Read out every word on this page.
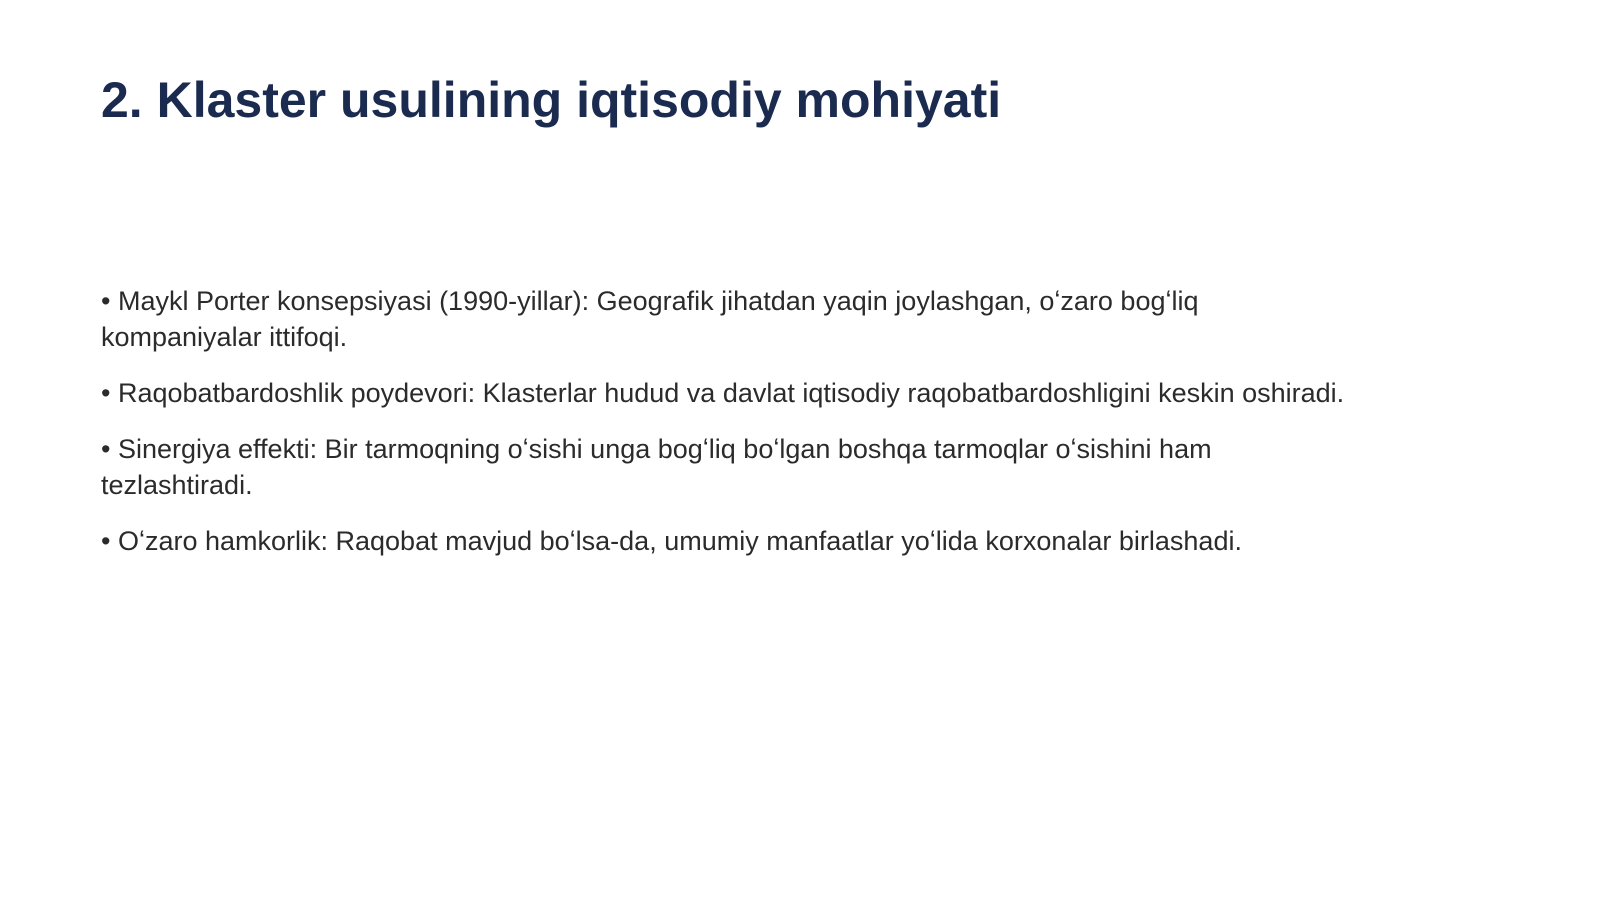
2. Klaster usulining iqtisodiy mohiyati
• Maykl Porter konsepsiyasi (1990-yillar): Geografik jihatdan yaqin joylashgan, oʻzaro bogʻliq kompaniyalar ittifoqi.
• Raqobatbardoshlik poydevori: Klasterlar hudud va davlat iqtisodiy raqobatbardoshligini keskin oshiradi.
• Sinergiya effekti: Bir tarmoqning oʻsishi unga bogʻliq boʻlgan boshqa tarmoqlar oʻsishini ham tezlashtiradi.
• Oʻzaro hamkorlik: Raqobat mavjud boʻlsa-da, umumiy manfaatlar yoʻlida korxonalar birlashadi.
